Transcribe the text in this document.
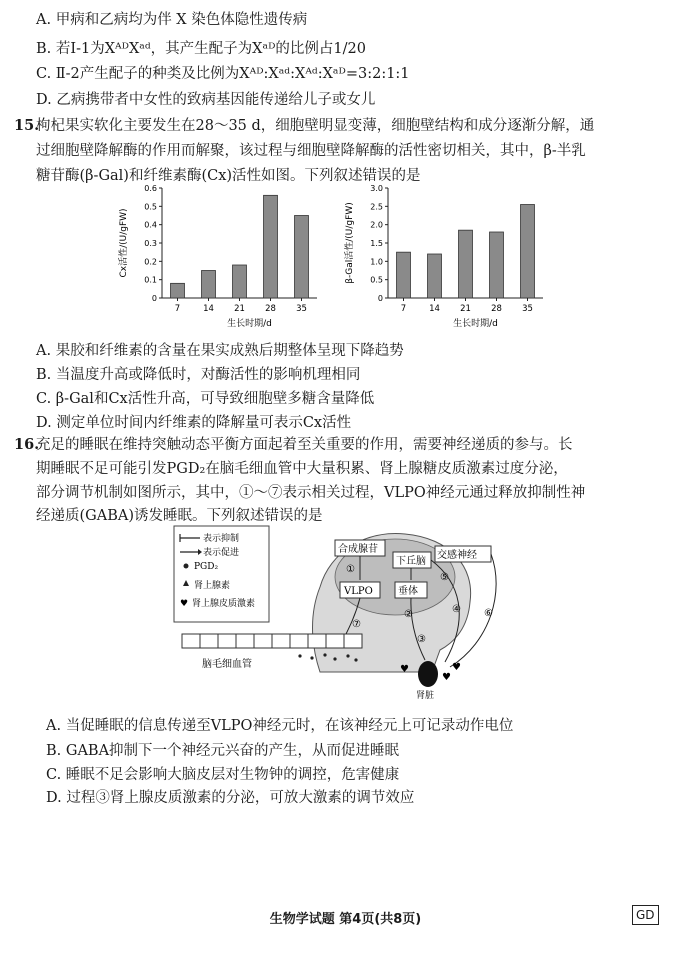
A. 甲病和乙病均为伴 X 染色体隐性遗传病
B. 若Ⅰ-1为XᴬᴰXᵃᵈ，其产生配子为Xᵃᴰ的比例占1/20
C. Ⅱ-2产生配子的种类及比例为Xᴬᴰ:Xᵃᵈ:Xᴬᵈ:Xᵃᴰ=3:2:1:1
D. 乙病携带者中女性的致病基因能传递给儿子或女儿
15.
枸杞果实软化主要发生在28～35 d，细胞壁明显变薄，细胞壁结构和成分逐渐分解，通
过细胞壁降解酶的作用而解聚，该过程与细胞壁降解酶的活性密切相关，其中，β-半乳
糖苷酶(β-Gal)和纤维素酶(Cx)活性如图。下列叙述错误的是
0
0.1
0.2
0.3
0.4
0.5
0.6
7	14 21 28 35
生长时期/d
Cx活性/(U/gFW)
0
0.5
1.0
1.5
2.0
2.5
3.0
7	14 21 28 35
生长时期/d
β-Gal活性/(U/gFW)
A. 果胶和纤维素的含量在果实成熟后期整体呈现下降趋势
B. 当温度升高或降低时，对酶活性的影响机理相同
C. β-Gal和Cx活性升高，可导致细胞壁多糖含量降低
D. 测定单位时间内纤维素的降解量可表示Cx活性
16.
充足的睡眠在维持突触动态平衡方面起着至关重要的作用，需要神经递质的参与。长
期睡眠不足可能引发PGD₂在脑毛细血管中大量积累、肾上腺糖皮质激素过度分泌，
部分调节机制如图所示，其中，①～⑦表示相关过程，VLPO神经元通过释放抑制性神
经递质(GABA)诱发睡眠。下列叙述错误的是
表示抑制
表示促进
PGD₂
肾上腺素
♥ 肾上腺皮质激素
合成腺苷
下丘脑
交感神经
VLPO	垂体
①
②
③
④
⑤
⑥
⑦
脑毛细血管
肾脏
♥
♥
♥
A. 当促睡眠的信息传递至VLPO神经元时，在该神经元上可记录动作电位
B. GABA抑制下一个神经元兴奋的产生，从而促进睡眠
C. 睡眠不足会影响大脑皮层对生物钟的调控，危害健康
D. 过程③肾上腺皮质激素的分泌，可放大激素的调节效应
生物学试题 第4页(共8页)	GD
